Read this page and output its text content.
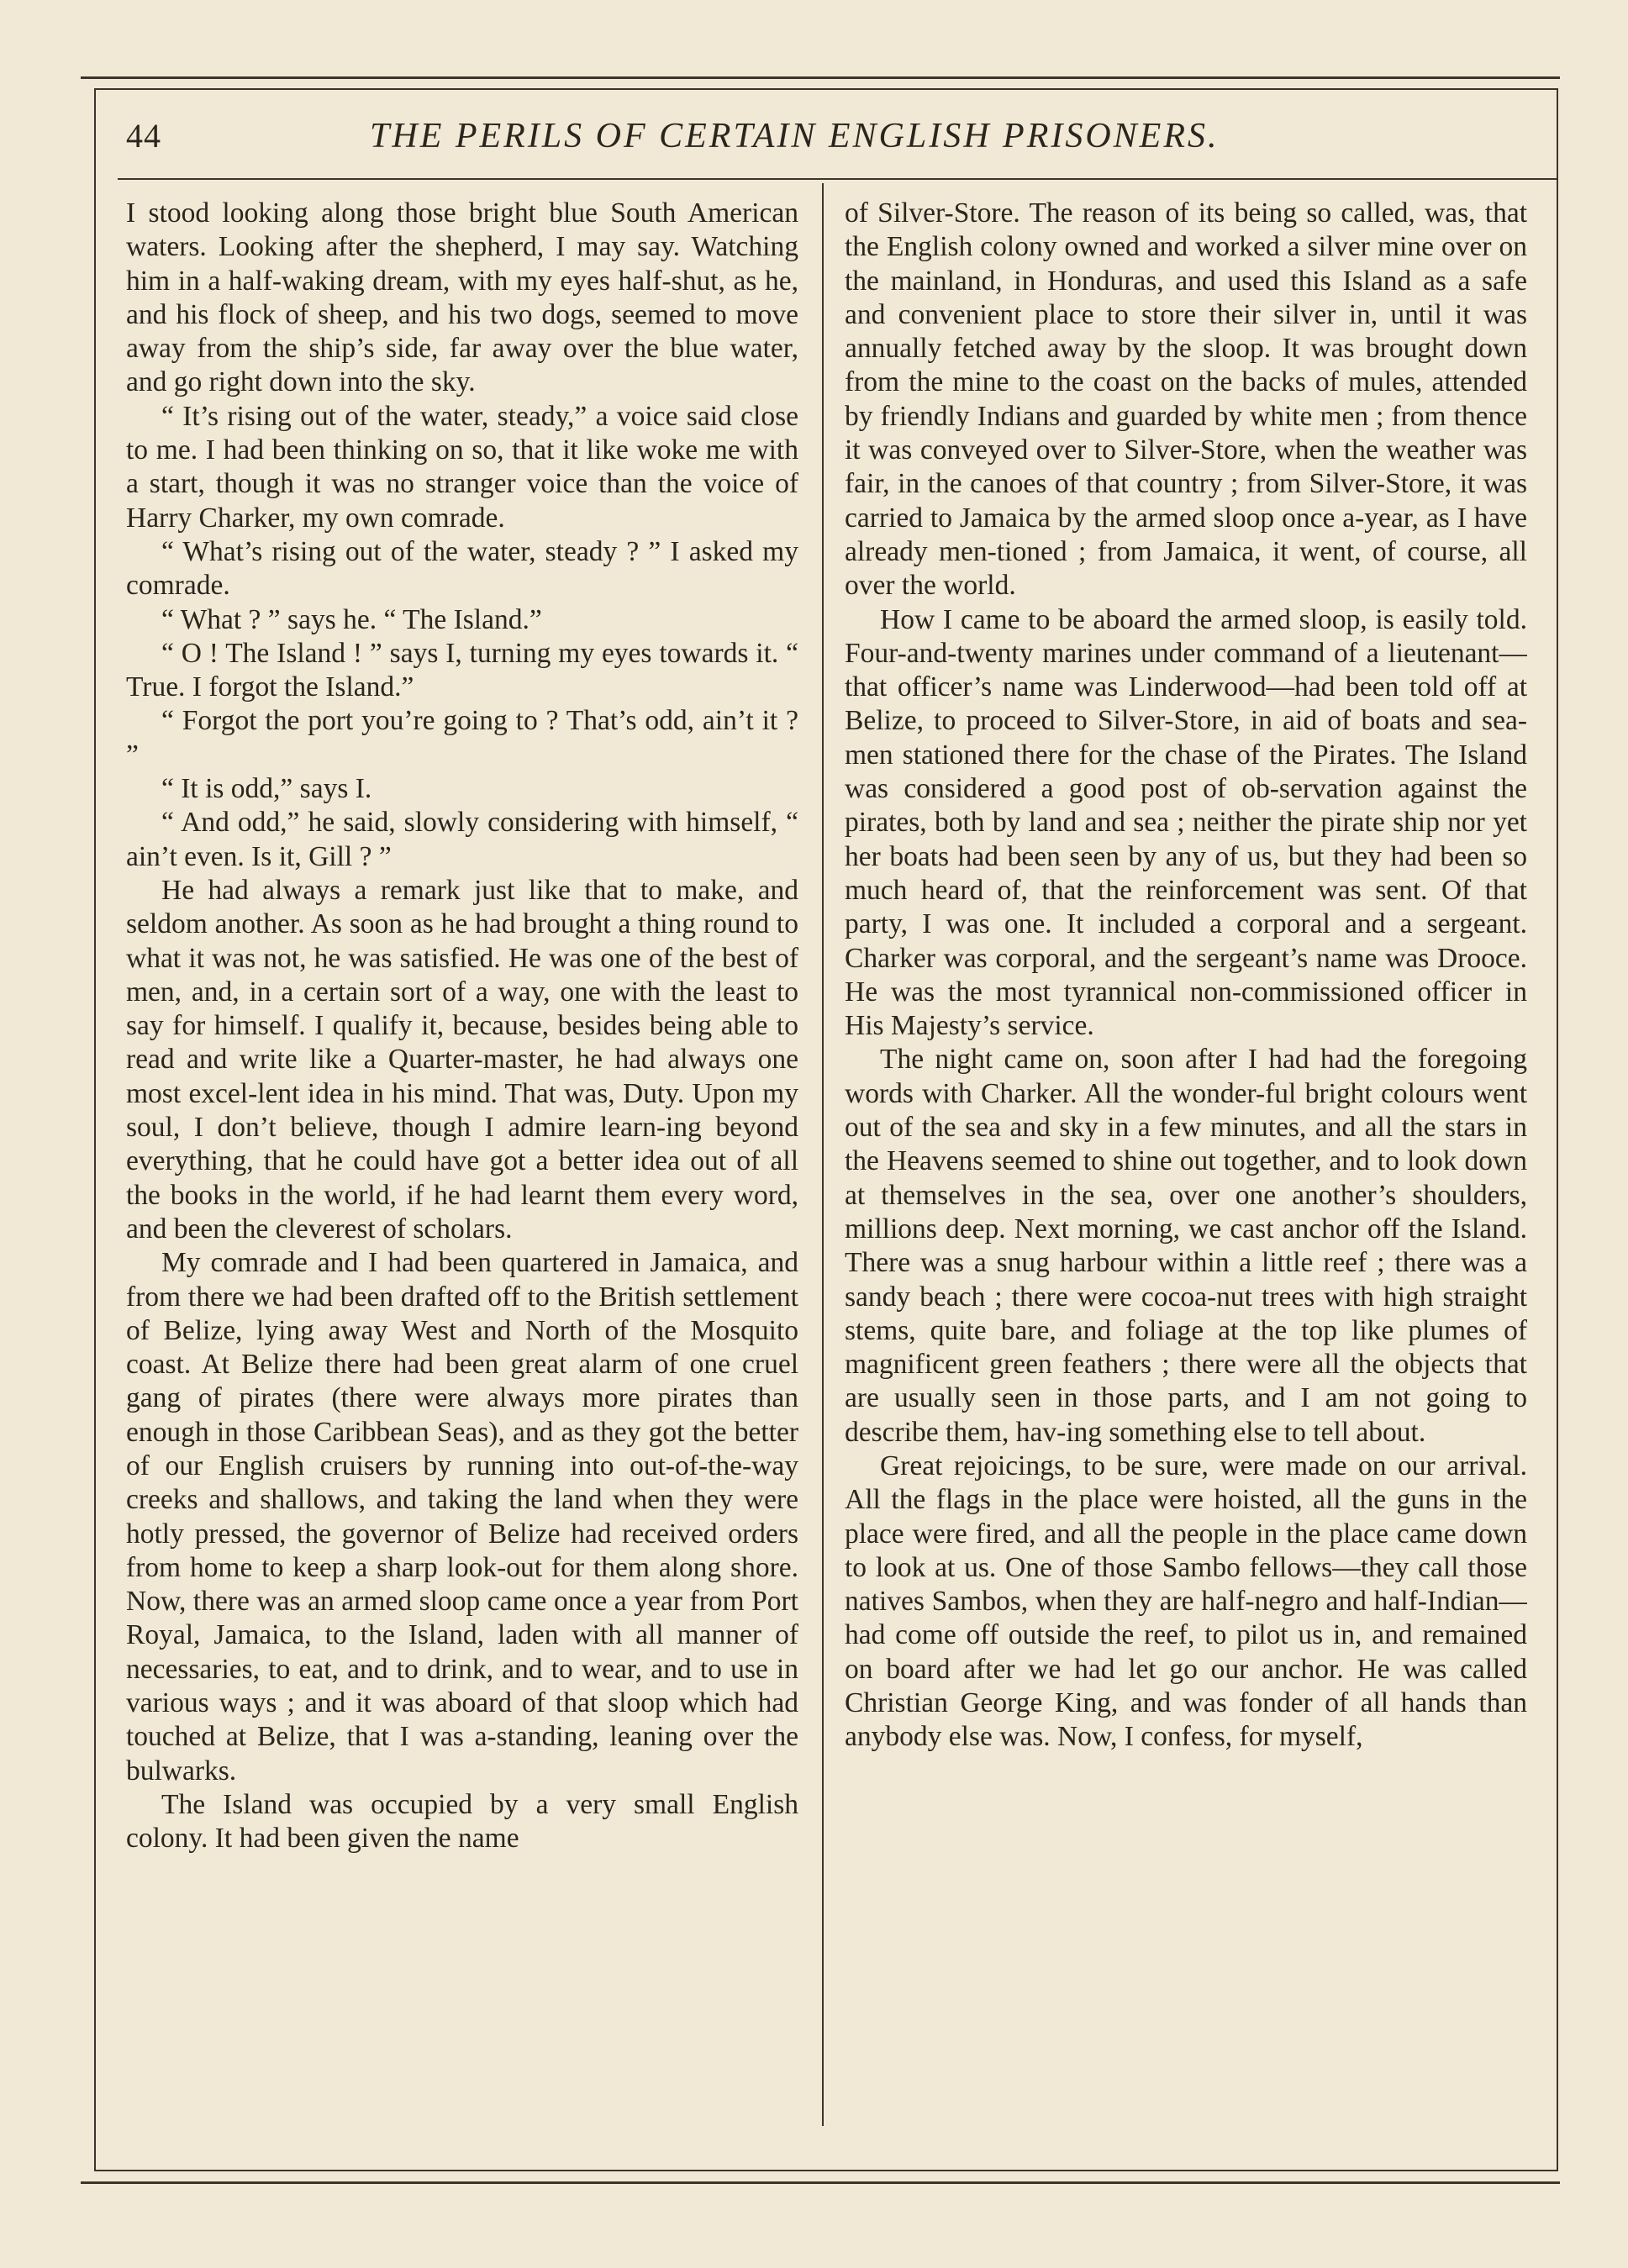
44	THE PERILS OF CERTAIN ENGLISH PRISONERS.

I stood looking along those bright blue South American waters. Looking after the shepherd, I may say. Watching him in a half-waking dream, with my eyes half-shut, as he, and his flock of sheep, and his two dogs, seemed to move away from the ship’s side, far away over the blue water, and go right down into the sky.

“ It’s rising out of the water, steady,” a voice said close to me. I had been thinking on so, that it like woke me with a start, though it was no stranger voice than the voice of Harry Charker, my own comrade.

“ What’s rising out of the water, steady ? ” I asked my comrade.

“ What ? ” says he. “ The Island.”

“ O ! The Island ! ” says I, turning my eyes towards it. “ True. I forgot the Island.”

“ Forgot the port you’re going to ? That’s odd, ain’t it ? ”

“ It is odd,” says I.

“ And odd,” he said, slowly considering with himself, “ ain’t even. Is it, Gill ? ”

He had always a remark just like that to make, and seldom another. As soon as he had brought a thing round to what it was not, he was satisfied. He was one of the best of men, and, in a certain sort of a way, one with the least to say for himself. I qualify it, because, besides being able to read and write like a Quarter-master, he had always one most excel-lent idea in his mind. That was, Duty. Upon my soul, I don’t believe, though I admire learn-ing beyond everything, that he could have got a better idea out of all the books in the world, if he had learnt them every word, and been the cleverest of scholars.

My comrade and I had been quartered in Jamaica, and from there we had been drafted off to the British settlement of Belize, lying away West and North of the Mosquito coast. At Belize there had been great alarm of one cruel gang of pirates (there were always more pirates than enough in those Caribbean Seas), and as they got the better of our English cruisers by running into out-of-the-way creeks and shallows, and taking the land when they were hotly pressed, the governor of Belize had received orders from home to keep a sharp look-out for them along shore. Now, there was an armed sloop came once a year from Port Royal, Jamaica, to the Island, laden with all manner of necessaries, to eat, and to drink, and to wear, and to use in various ways ; and it was aboard of that sloop which had touched at Belize, that I was a-standing, leaning over the bulwarks.

The Island was occupied by a very small English colony. It had been given the name

of Silver-Store. The reason of its being so called, was, that the English colony owned and worked a silver mine over on the mainland, in Honduras, and used this Island as a safe and convenient place to store their silver in, until it was annually fetched away by the sloop. It was brought down from the mine to the coast on the backs of mules, attended by friendly Indians and guarded by white men ; from thence it was conveyed over to Silver-Store, when the weather was fair, in the canoes of that country ; from Silver-Store, it was carried to Jamaica by the armed sloop once a-year, as I have already men-tioned ; from Jamaica, it went, of course, all over the world.

How I came to be aboard the armed sloop, is easily told. Four-and-twenty marines under command of a lieutenant—that officer’s name was Linderwood—had been told off at Belize, to proceed to Silver-Store, in aid of boats and sea-men stationed there for the chase of the Pirates. The Island was considered a good post of ob-servation against the pirates, both by land and sea ; neither the pirate ship nor yet her boats had been seen by any of us, but they had been so much heard of, that the reinforcement was sent. Of that party, I was one. It included a corporal and a sergeant. Charker was corporal, and the sergeant’s name was Drooce. He was the most tyrannical non-commissioned officer in His Majesty’s service.

The night came on, soon after I had had the foregoing words with Charker. All the wonder-ful bright colours went out of the sea and sky in a few minutes, and all the stars in the Heavens seemed to shine out together, and to look down at themselves in the sea, over one another’s shoulders, millions deep. Next morning, we cast anchor off the Island. There was a snug harbour within a little reef ; there was a sandy beach ; there were cocoa-nut trees with high straight stems, quite bare, and foliage at the top like plumes of magnificent green feathers ; there were all the objects that are usually seen in those parts, and I am not going to describe them, hav-ing something else to tell about.

Great rejoicings, to be sure, were made on our arrival. All the flags in the place were hoisted, all the guns in the place were fired, and all the people in the place came down to look at us. One of those Sambo fellows—they call those natives Sambos, when they are half-negro and half-Indian—had come off outside the reef, to pilot us in, and remained on board after we had let go our anchor. He was called Christian George King, and was fonder of all hands than anybody else was. Now, I confess, for myself,
